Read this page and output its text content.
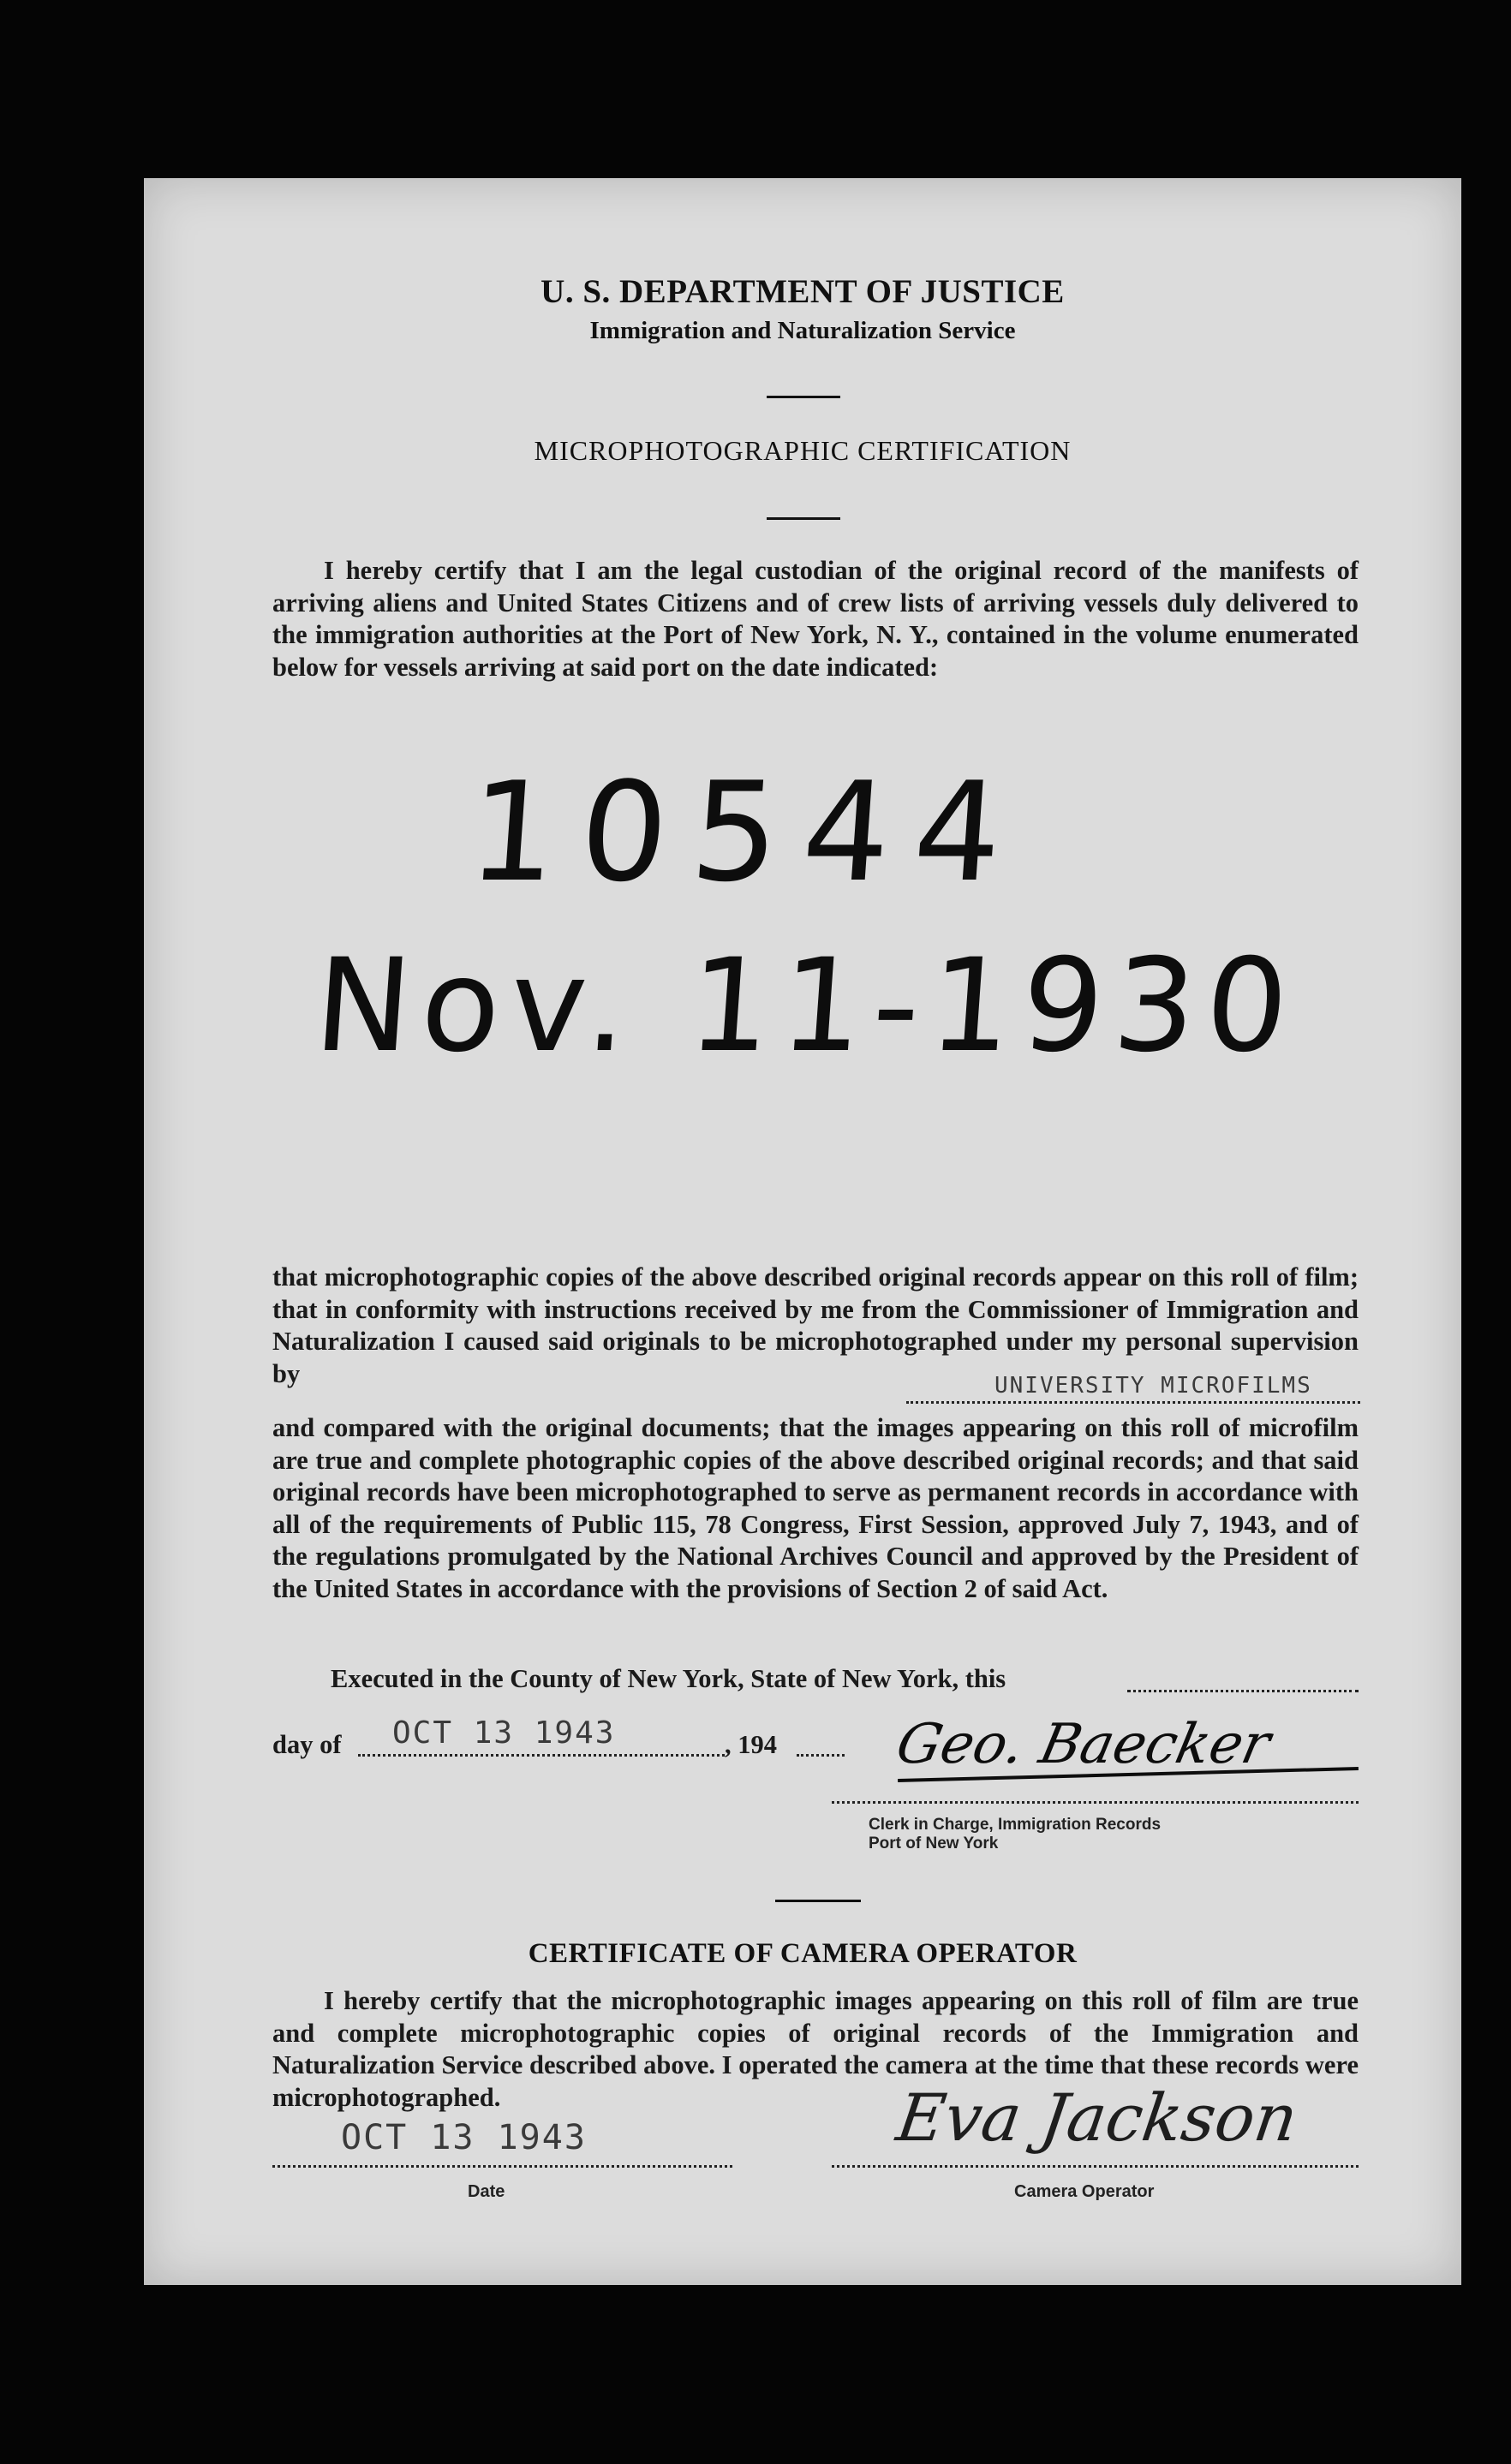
U. S. DEPARTMENT OF JUSTICE
Immigration and Naturalization Service
MICROPHOTOGRAPHIC CERTIFICATION

I hereby certify that I am the legal custodian of the original record of the manifests of arriving aliens and United States Citizens and of crew lists of arriving vessels duly delivered to the immigration authorities at the Port of New York, N. Y., contained in the volume enumerated below for vessels arriving at said port on the date indicated:

10544
Nov. 11-1930

that microphotographic copies of the above described original records appear on this roll of film; that in conformity with instructions received by me from the Commissioner of Immigration and Naturalization I caused said originals to be microphotographed under my personal supervision by	UNIVERSITY MICROFILMS

and compared with the original documents; that the images appearing on this roll of microfilm are true and complete photographic copies of the above described original records; and that said original records have been microphotographed to serve as permanent records in accordance with all of the requirements of Public 115, 78 Congress, First Session, approved July 7, 1943, and of the regulations promulgated by the National Archives Council and approved by the President of the United States in accordance with the provisions of Section 2 of said Act.

Executed in the County of New York, State of New York, this
day of OCT 13 1943	, 194 Geo. Baecker
Clerk in Charge, Immigration Records
Port of New York
CERTIFICATE OF CAMERA OPERATOR

I hereby certify that the microphotographic images appearing on this roll of film are true and complete microphotographic copies of original records of the Immigration and Naturalization Service described above. I operated the camera at the time that these records were microphotographed.

OCT 13 1943
Date
Eva Jackson
Camera Operator
